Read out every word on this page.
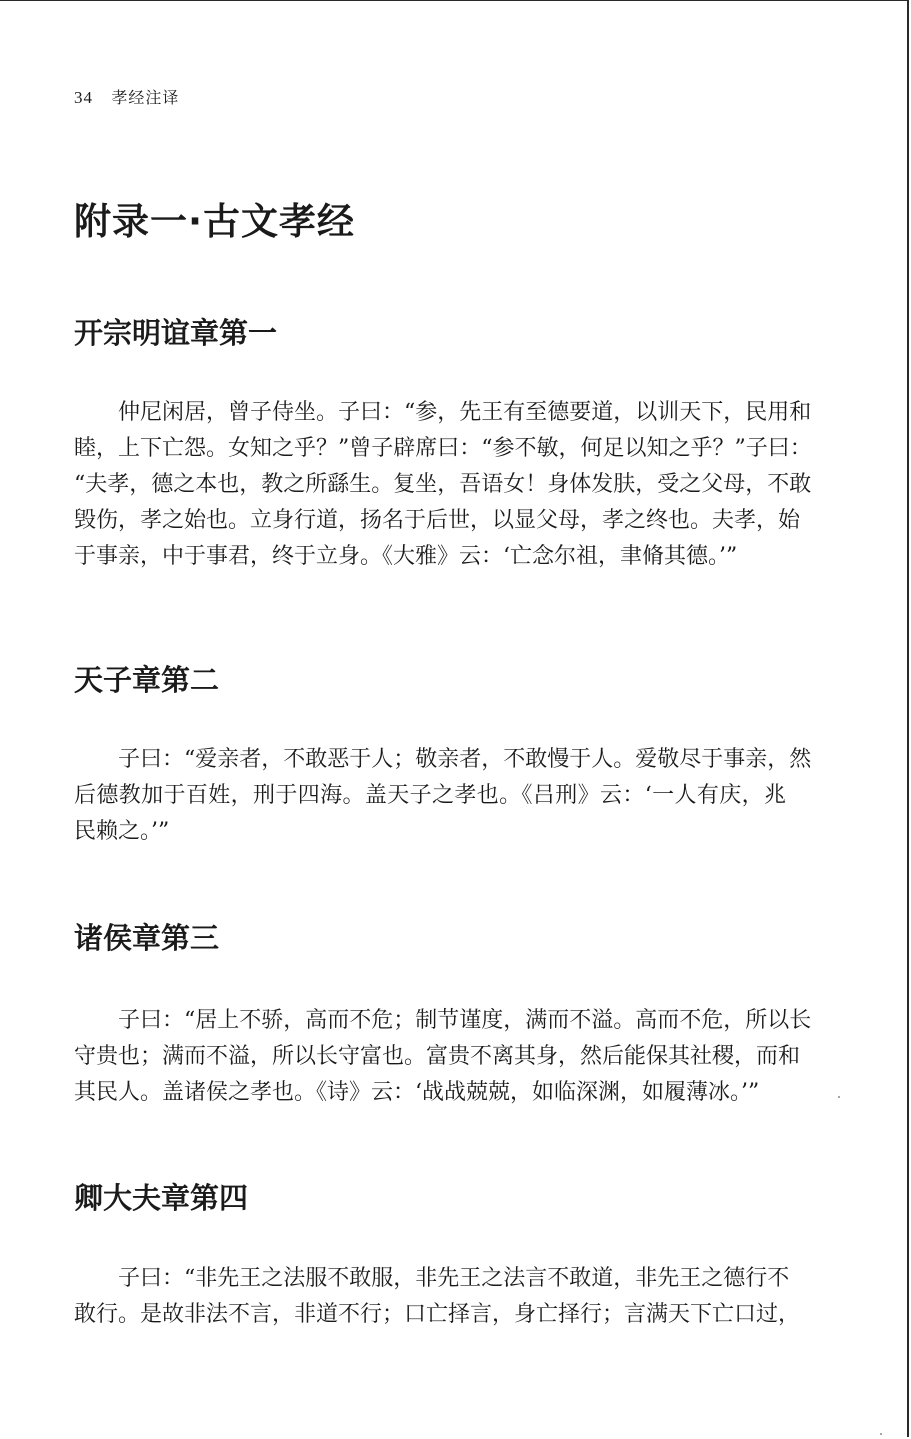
34 孝经注译
附录一·古文孝经
开宗明谊章第一
仲尼闲居，曾子侍坐。子曰：“参，先王有至德要道，以训天下，民用和
睦，上下亡怨。女知之乎？”曾子辟席曰：“参不敏，何足以知之乎？”子曰：
“夫孝，德之本也，教之所繇生。复坐，吾语女！身体发肤，受之父母，不敢
毁伤，孝之始也。立身行道，扬名于后世，以显父母，孝之终也。夫孝，始
于事亲，中于事君，终于立身。《大雅》云：‘亡念尔祖，聿脩其德。’”
天子章第二
子曰：“爱亲者，不敢恶于人；敬亲者，不敢慢于人。爱敬尽于事亲，然
后德教加于百姓，刑于四海。盖天子之孝也。《吕刑》云：‘一人有庆，兆
民赖之。’”
诸侯章第三
子曰：“居上不骄，高而不危；制节谨度，满而不溢。高而不危，所以长
守贵也；满而不溢，所以长守富也。富贵不离其身，然后能保其社稷，而和
其民人。盖诸侯之孝也。《诗》云：‘战战兢兢，如临深渊，如履薄冰。’”
卿大夫章第四
子曰：“非先王之法服不敢服，非先王之法言不敢道，非先王之德行不
敢行。是故非法不言，非道不行；口亡择言，身亡择行；言满天下亡口过，
